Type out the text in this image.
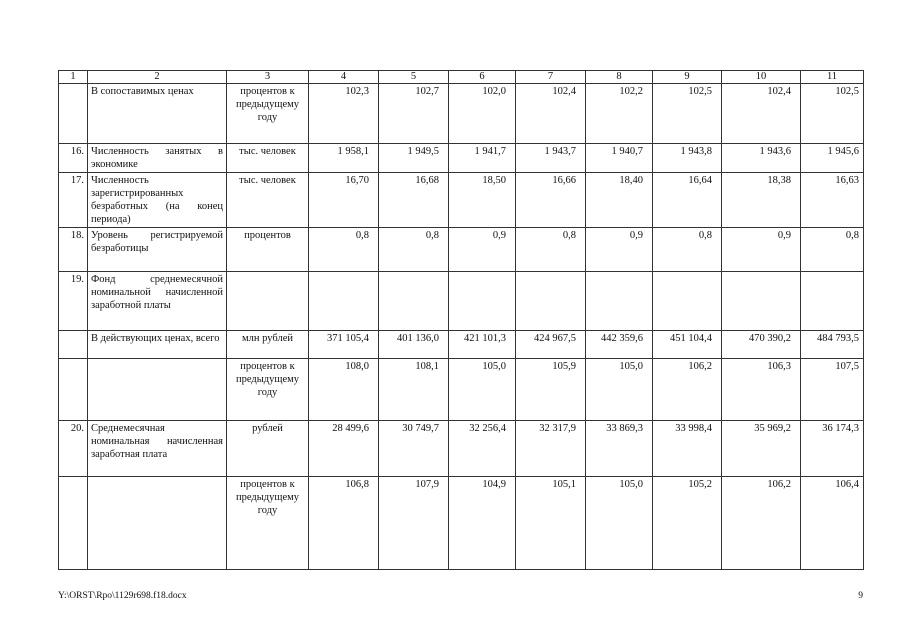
1	2	3	4	5	6	7	8	9	10	11
	В сопоставимых ценах	процентов к предыдущему году	102,3	102,7	102,0	102,4	102,2	102,5	102,4	102,5
16.	Численность занятых в экономике	тыс. человек	1 958,1	1 949,5	1 941,7	1 943,7	1 940,7	1 943,8	1 943,6	1 945,6
17.	Численность зарегистрированных безработных (на конец периода)	тыс. человек	16,70	16,68	18,50	16,66	18,40	16,64	18,38	16,63
18.	Уровень регистрируемой безработицы	процентов	0,8	0,8	0,9	0,8	0,9	0,8	0,9	0,8
19.	Фонд среднемесячной номинальной начисленной заработной платы									
	В действующих ценах, всего	млн рублей	371 105,4	401 136,0	421 101,3	424 967,5	442 359,6	451 104,4	470 390,2	484 793,5
		процентов к предыдущему году	108,0	108,1	105,0	105,9	105,0	106,2	106,3	107,5
20.	Среднемесячная номинальная начисленная заработная плата	рублей	28 499,6	30 749,7	32 256,4	32 317,9	33 869,3	33 998,4	35 969,2	36 174,3
		процентов к предыдущему году	106,8	107,9	104,9	105,1	105,0	105,2	106,2	106,4
Y:\ORST\Rpo\1129r698.f18.docx	9
